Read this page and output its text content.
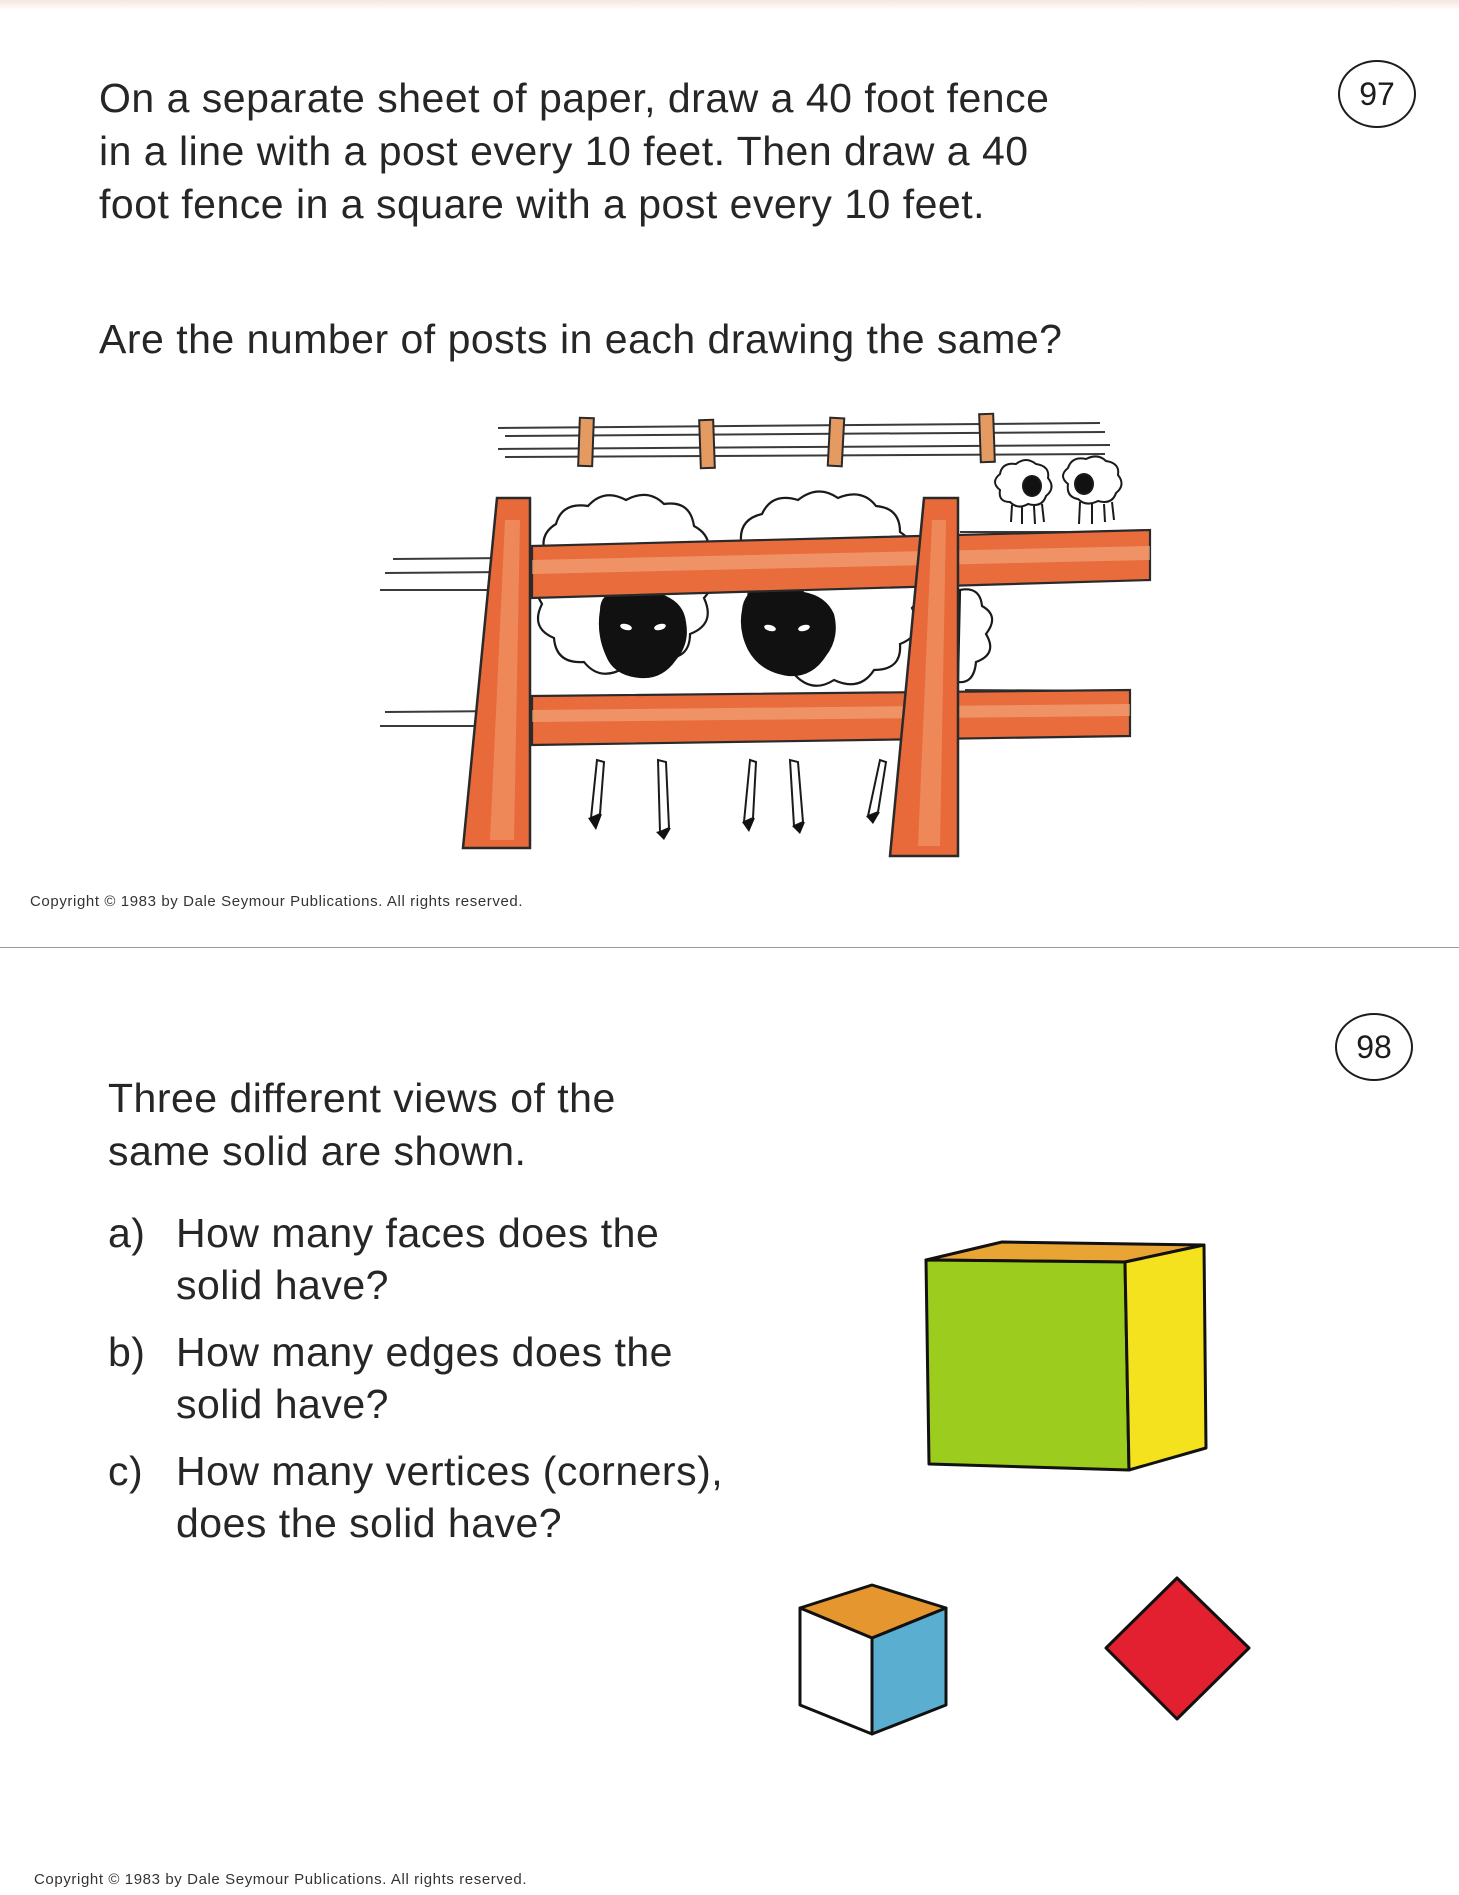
97

On a separate sheet of paper, draw a 40 foot fence in a line with a post every 10 feet. Then draw a 40 foot fence in a square with a post every 10 feet.

Are the number of posts in each drawing the same?

Copyright © 1983 by Dale Seymour Publications. All rights reserved.
98

Three different views of the same solid are shown.

a) How many faces does the solid have?
b) How many edges does the solid have?
c) How many vertices (corners), does the solid have?
Copyright © 1983 by Dale Seymour Publications. All rights reserved.
